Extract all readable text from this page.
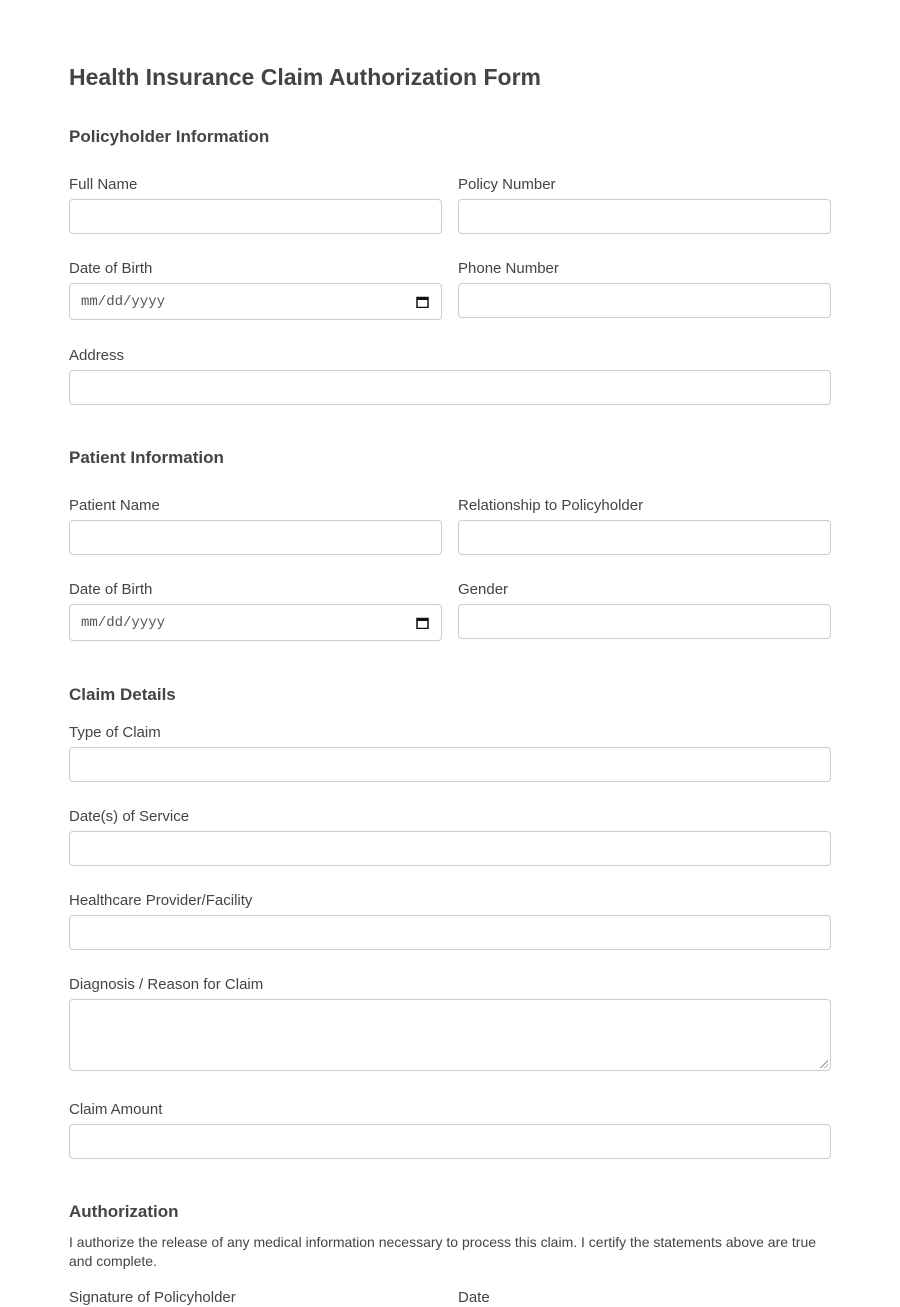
Health Insurance Claim Authorization Form
Policyholder Information
Full Name	Policy Number
Date of Birth	Phone Number
mm/dd/yyyy
Address
Patient Information
Patient Name	Relationship to Policyholder
Date of Birth	Gender
mm/dd/yyyy
Claim Details
Type of Claim
Date(s) of Service
Healthcare Provider/Facility
Diagnosis / Reason for Claim
Claim Amount
Authorization
I authorize the release of any medical information necessary to process this claim. I certify the statements above are true and complete.
Signature of Policyholder	Date
